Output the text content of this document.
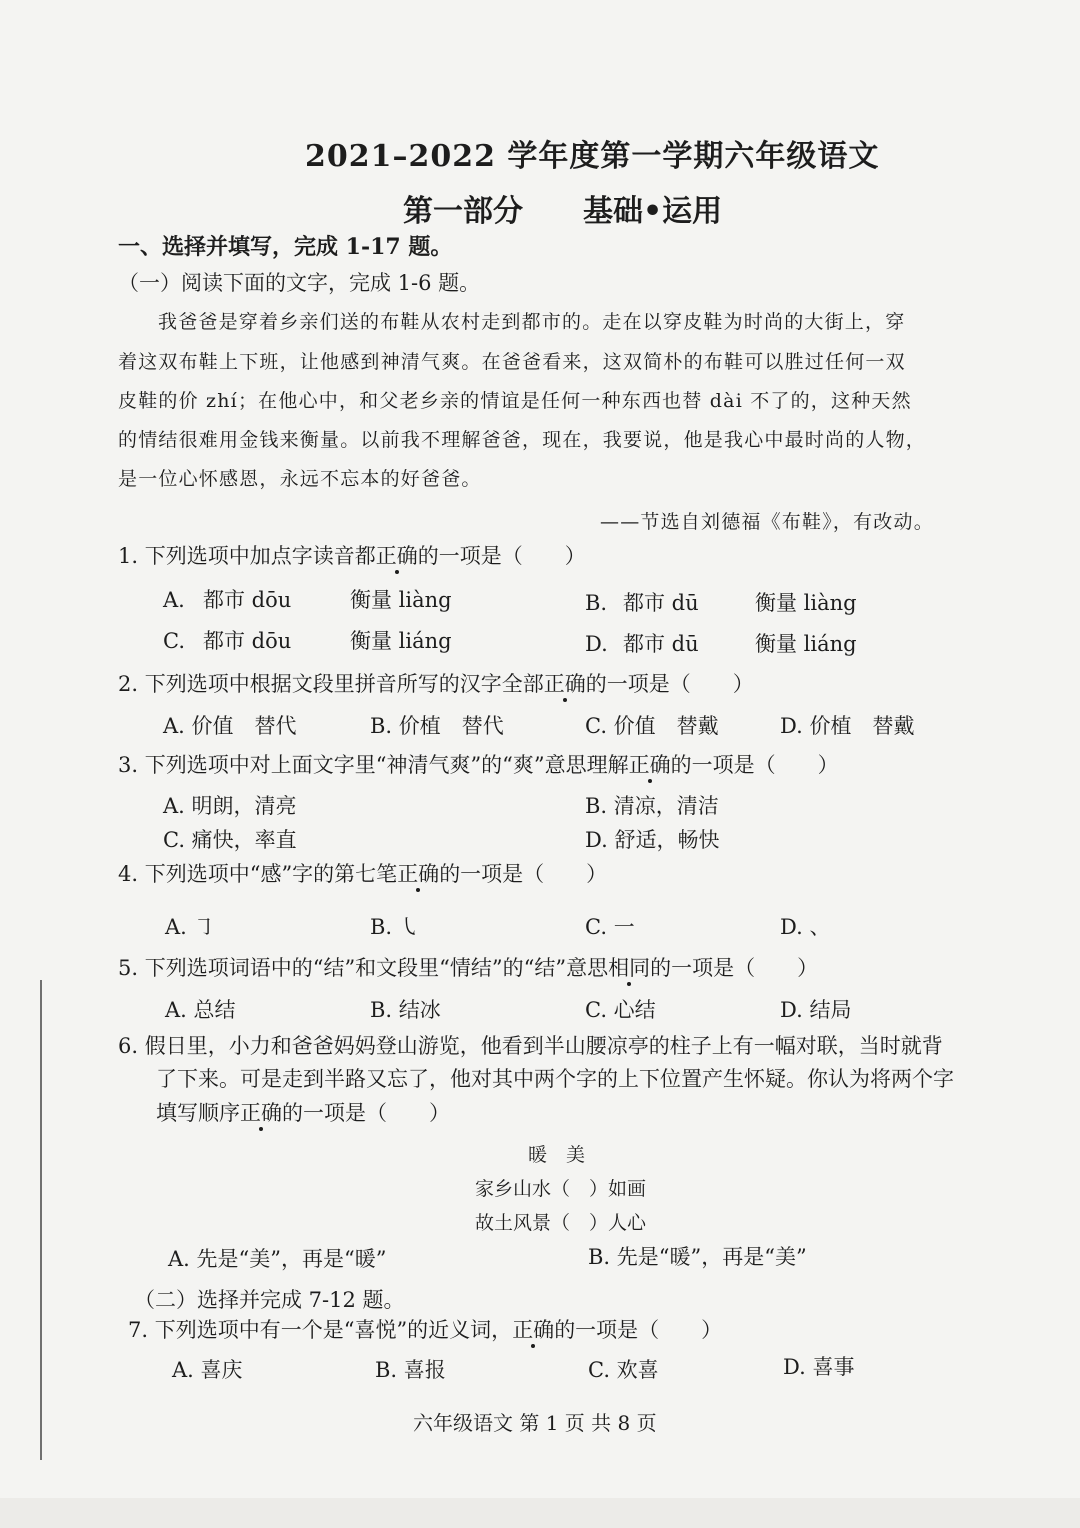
2021–2022 学年度第一学期六年级语文
第一部分 基础•运用
一、选择并填写，完成 1-17 题。
（一）阅读下面的文字，完成 1-6 题。
我爸爸是穿着乡亲们送的布鞋从农村走到都市的。走在以穿皮鞋为时尚的大街上，穿
着这双布鞋上下班，让他感到神清气爽。在爸爸看来，这双简朴的布鞋可以胜过任何一双
皮鞋的价 zhí；在他心中，和父老乡亲的情谊是任何一种东西也替 dài 不了的，这种天然
的情结很难用金钱来衡量。以前我不理解爸爸，现在，我要说，他是我心中最时尚的人物，
是一位心怀感恩，永远不忘本的好爸爸。
——节选自刘德福《布鞋》，有改动。
1. 下列选项中加点字读音都正确的一项是（　　）
A. 都市 dōu	衡量 liàng	B. 都市 dū	衡量 liàng
C. 都市 dōu	衡量 liáng	D. 都市 dū	衡量 liáng
2. 下列选项中根据文段里拼音所写的汉字全部正确的一项是（　　）
A. 价值　替代	B. 价植　替代	C. 价值　替戴	D. 价植　替戴
3. 下列选项中对上面文字里“神清气爽”的“爽”意思理解正确的一项是（　　）
A. 明朗，清亮	B. 清凉，清洁
C. 痛快，率直	D. 舒适，畅快
4. 下列选项中“感”字的第七笔正确的一项是（　　）
A. ㇆	B. ㇂	C. 一	D. 、
5. 下列选项词语中的“结”和文段里“情结”的“结”意思相同的一项是（　　）
A. 总结	B. 结冰	C. 心结	D. 结局
6. 假日里，小力和爸爸妈妈登山游览，他看到半山腰凉亭的柱子上有一幅对联，当时就背
了下来。可是走到半路又忘了，他对其中两个字的上下位置产生怀疑。你认为将两个字
填写顺序正确的一项是（　　）
暖　美
家乡山水（　）如画
故土风景（　）人心
A. 先是“美”，再是“暖”	B. 先是“暖”，再是“美”
（二）选择并完成 7-12 题。
7. 下列选项中有一个是“喜悦”的近义词，正确的一项是（　　）
A. 喜庆	B. 喜报	C. 欢喜	D. 喜事
六年级语文 第 1 页 共 8 页
